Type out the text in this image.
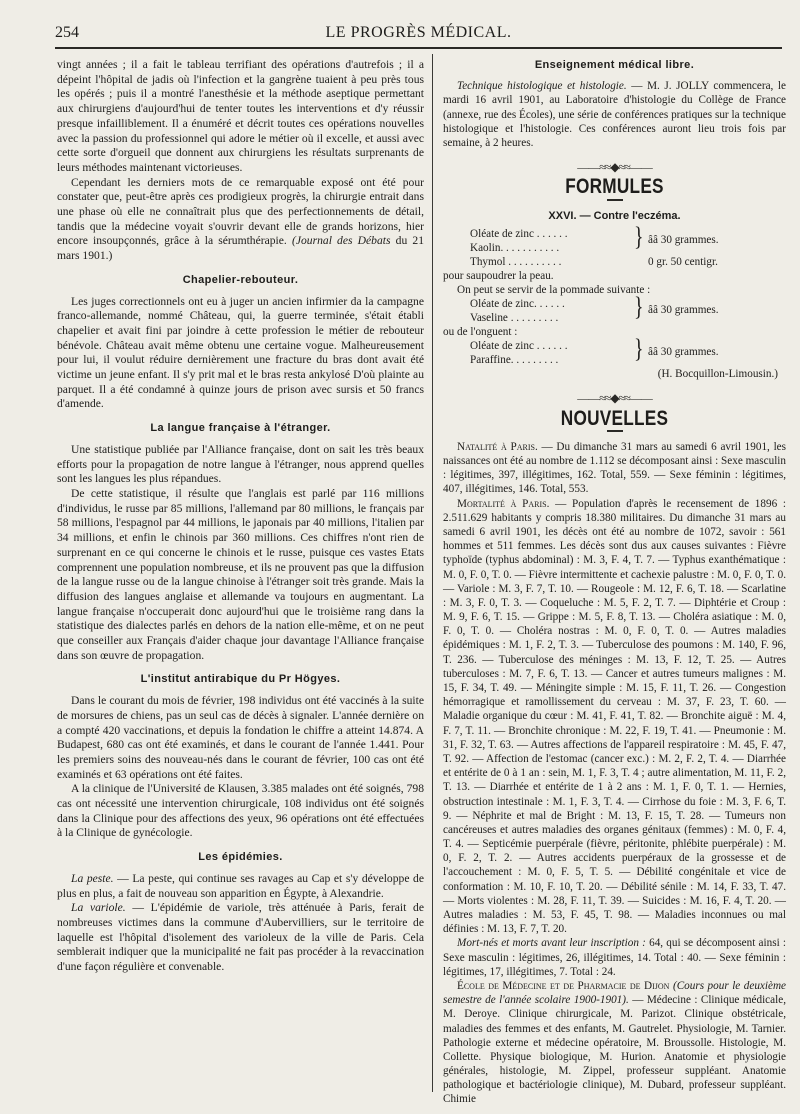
254	LE PROGRÈS MÉDICAL.

vingt années ; il a fait le tableau terrifiant des opérations d'autrefois ; il a dépeint l'hôpital de jadis où l'infection et la gangrène tuaient à peu près tous les opérés ; puis il a montré l'anesthésie et la méthode aseptique permettant aux chirurgiens d'aujourd'hui de tenter toutes les interventions et d'y réussir presque infailliblement. Il a énuméré et décrit toutes ces opérations nouvelles avec la passion du professionnel qui adore le métier où il excelle, et aussi avec cette sorte d'orgueil que donnent aux chirurgiens les résultats surprenants de leurs méthodes maintenant victorieuses.

Cependant les derniers mots de ce remarquable exposé ont été pour constater que, peut-être après ces prodigieux progrès, la chirurgie entrait dans une phase où elle ne connaîtrait plus que des perfectionnements de détail, tandis que la médecine voyait s'ouvrir devant elle de grands horizons, hier encore insoupçonnés, grâce à la sérumthérapie. (Journal des Débats du 21 mars 1901.)

Chapelier-rebouteur.

Les juges correctionnels ont eu à juger un ancien infirmier da la campagne franco-allemande, nommé Château, qui, la guerre terminée, s'était établi chapelier et avait fini par joindre à cette profession le métier de rebouteur bénévole. Château avait même obtenu une certaine vogue. Malheureusement pour lui, il voulut réduire dernièrement une fracture du bras dont avait été victime un jeune enfant. Il s'y prit mal et le bras resta ankylosé D'où plainte au parquet. Il a été condamné à quinze jours de prison avec sursis et 50 francs d'amende.

La langue française à l'étranger.

Une statistique publiée par l'Alliance française, dont on sait les très beaux efforts pour la propagation de notre langue à l'étranger, nous apprend quelles sont les langues les plus répandues.

De cette statistique, il résulte que l'anglais est parlé par 116 millions d'individus, le russe par 85 millions, l'allemand par 80 millions, le français par 58 millions, l'espagnol par 44 millions, le japonais par 40 millions, l'italien par 34 millions, et enfin le chinois par 360 millions. Ces chiffres n'ont rien de surprenant en ce qui concerne le chinois et le russe, puisque ces vastes Etats comprennent une population nombreuse, et ils ne prouvent pas que la diffusion de la langue russe ou de la langue chinoise à l'étranger soit très grande. Mais la diffusion des langues anglaise et allemande va toujours en augmentant. La langue française n'occuperait donc aujourd'hui que le troisième rang dans la statistique des dialectes parlés en dehors de la nation elle-même, et on ne peut que conseiller aux Français d'aider chaque jour davantage l'Alliance française dans son œuvre de propagation.

L'institut antirabique du Pr Högyes.

Dans le courant du mois de février, 198 individus ont été vaccinés à la suite de morsures de chiens, pas un seul cas de décès à signaler. L'année dernière on a compté 420 vaccinations, et depuis la fondation le chiffre a atteint 14.874. A Budapest, 680 cas ont été examinés, et dans le courant de l'année 1.441. Pour les premiers soins des nouveau-nés dans le courant de février, 100 cas ont été examinés et 63 opérations ont été faites.

A la clinique de l'Université de Klausen, 3.385 malades ont été soignés, 798 cas ont nécessité une intervention chirurgicale, 108 individus ont été soignés dans la Clinique pour des affections des yeux, 96 opérations ont été effectuées à la Clinique de gynécologie.

Les épidémies.

La peste. — La peste, qui continue ses ravages au Cap et s'y développe de plus en plus, a fait de nouveau son apparition en Égypte, à Alexandrie.

La variole. — L'épidémie de variole, très atténuée à Paris, ferait de nombreuses victimes dans la commune d'Aubervilliers, sur le territoire de laquelle est l'hôpital d'isolement des varioleux de la ville de Paris. Cela semblerait indiquer que la municipalité ne fait pas procéder à la revaccination d'une façon régulière et convenable.

Enseignement médical libre.

Technique histologique et histologie. — M. J. JOLLY commencera, le mardi 16 avril 1901, au Laboratoire d'histologie du Collège de France (annexe, rue des Écoles), une série de conférences pratiques sur la technique histologique et l'histologie. Ces conférences auront lieu trois fois par semaine, à 2 heures.

——≈≈◆≈≈——
FORMULES
XXVI. — Contre l'eczéma.
Oléate de zinc . . . . . .	} ââ 30 grammes.
Kaolin. . . . . . . . . . .
Thymol . . . . . . . . . .	0 gr. 50 centigr.
pour saupoudrer la peau.
On peut se servir de la pommade suivante :
Oléate de zinc. . . . . .	} ââ 30 grammes.
Vaseline . . . . . . . . .
ou de l'onguent :
Oléate de zinc . . . . . .	} ââ 30 grammes.
Paraffine. . . . . . . . .
(H. Bocquillon-Limousin.)
——≈≈◆≈≈——
NOUVELLES

Natalité à Paris. — Du dimanche 31 mars au samedi 6 avril 1901, les naissances ont été au nombre de 1.112 se décomposant ainsi : Sexe masculin : légitimes, 397, illégitimes, 162. Total, 559. — Sexe féminin : légitimes, 407, illégitimes, 146. Total, 553.

Mortalité à Paris. — Population d'après le recensement de 1896 : 2.511.629 habitants y compris 18.380 militaires. Du dimanche 31 mars au samedi 6 avril 1901, les décès ont été au nombre de 1072, savoir : 561 hommes et 511 femmes. Les décès sont dus aux causes suivantes : Fièvre typhoïde (typhus abdominal) : M. 3, F. 4, T. 7. — Typhus exanthématique : M. 0, F. 0, T. 0. — Fièvre intermittente et cachexie palustre : M. 0, F. 0, T. 0. — Variole : M. 3, F. 7, T. 10. — Rougeole : M. 12, F. 6, T. 18. — Scarlatine : M. 3, F. 0, T. 3. — Coqueluche : M. 5, F. 2, T. 7. — Diphtérie et Croup : M. 9, F. 6, T. 15. — Grippe : M. 5, F. 8, T. 13. — Choléra asiatique : M. 0, F. 0, T. 0. — Choléra nostras : M. 0, F. 0, T. 0. — Autres maladies épidémiques : M. 1, F. 2, T. 3. — Tuberculose des poumons : M. 140, F. 96, T. 236. — Tuberculose des méninges : M. 13, F. 12, T. 25. — Autres tuberculoses : M. 7, F. 6, T. 13. — Cancer et autres tumeurs malignes : M. 15, F. 34, T. 49. — Méningite simple : M. 15, F. 11, T. 26. — Congestion hémorragique et ramollissement du cerveau : M. 37, F. 23, T. 60. — Maladie organique du cœur : M. 41, F. 41, T. 82. — Bronchite aiguë : M. 4, F. 7, T. 11. — Bronchite chronique : M. 22, F. 19, T. 41. — Pneumonie : M. 31, F. 32, T. 63. — Autres affections de l'appareil respiratoire : M. 45, F. 47, T. 92. — Affection de l'estomac (cancer exc.) : M. 2, F. 2, T. 4. — Diarrhée et entérite de 0 à 1 an : sein, M. 1, F. 3, T. 4 ; autre alimentation, M. 11, F. 2, T. 13. — Diarrhée et entérite de 1 à 2 ans : M. 1, F. 0, T. 1. — Hernies, obstruction intestinale : M. 1, F. 3, T. 4. — Cirrhose du foie : M. 3, F. 6, T. 9. — Néphrite et mal de Bright : M. 13, F. 15, T. 28. — Tumeurs non cancéreuses et autres maladies des organes génitaux (femmes) : M. 0, F. 4, T. 4. — Septicémie puerpérale (fièvre, péritonite, phlébite puerpérale) : M. 0, F. 2, T. 2. — Autres accidents puerpéraux de la grossesse et de l'accouchement : M. 0, F. 5, T. 5. — Débilité congénitale et vice de conformation : M. 10, F. 10, T. 20. — Débilité sénile : M. 14, F. 33, T. 47. — Morts violentes : M. 28, F. 11, T. 39. — Suicides : M. 16, F. 4, T. 20. — Autres maladies : M. 53, F. 45, T. 98. — Maladies inconnues ou mal définies : M. 13, F. 7, T. 20.

Mort-nés et morts avant leur inscription : 64, qui se décomposent ainsi : Sexe masculin : légitimes, 26, illégitimes, 14. Total : 40. — Sexe féminin : légitimes, 17, illégitimes, 7. Total : 24.

École de Médecine et de Pharmacie de Dijon (Cours pour le deuxième semestre de l'année scolaire 1900-1901). — Médecine : Clinique médicale, M. Deroye. Clinique chirurgicale, M. Parizot. Clinique obstétricale, maladies des femmes et des enfants, M. Gautrelet. Physiologie, M. Tarnier. Pathologie externe et médecine opératoire, M. Broussolle. Histologie, M. Collette. Physique biologique, M. Hurion. Anatomie et physiologie générales, histologie, M. Zippel, professeur suppléant. Anatomie pathologique et bactériologie clinique), M. Dubard, professeur suppléant. Chimie
